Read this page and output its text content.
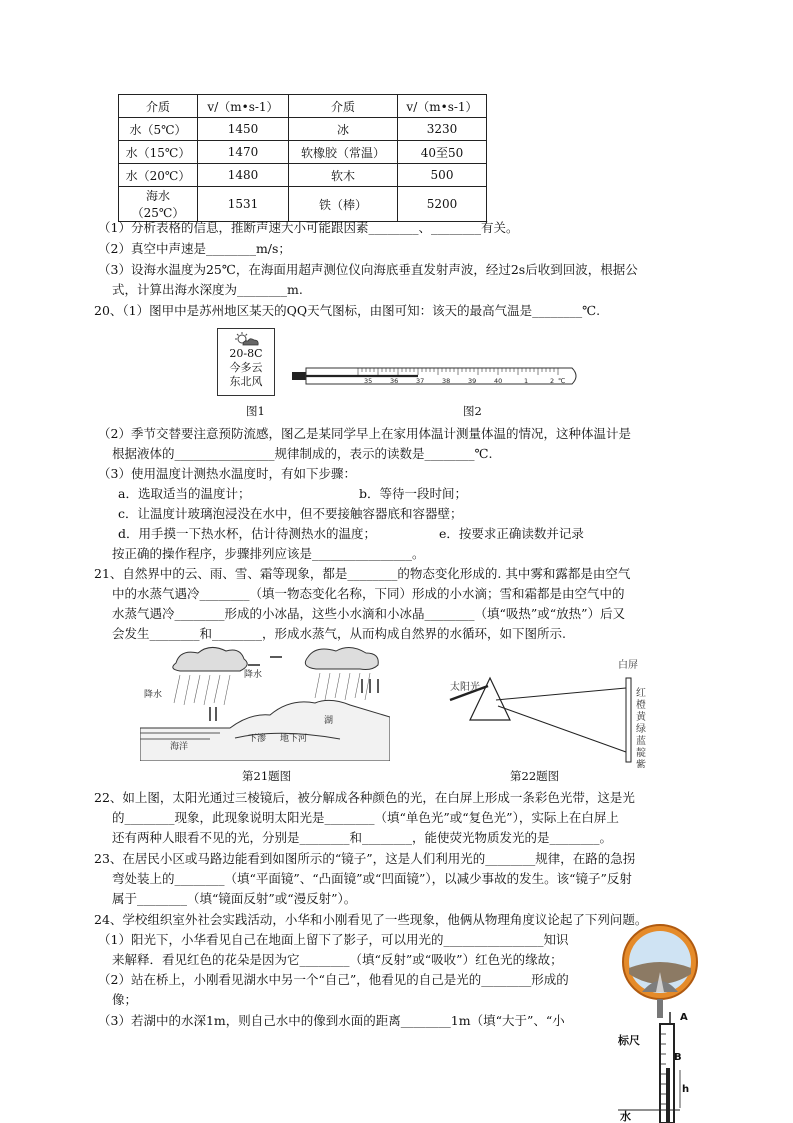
介质	v/（m•s-1）	介质	v/（m•s-1）
水（5℃）	1450	冰	3230
水（15℃）	1470	软橡胶（常温）	40至50
水（20℃）	1480	软木	500
海水（25℃）	1531	铁（棒）	5200
（1）分析表格的信息，推断声速大小可能跟因素________、________有关。
（2）真空中声速是________m/s；
（3）设海水温度为25℃，在海面用超声测位仪向海底垂直发射声波，经过2s后收到回波，根据公
式，计算出海水深度为________m.
20、（1）图甲中是苏州地区某天的QQ天气图标，由图可知：该天的最高气温是________℃.
20-8C
今多云
东北风	35	36	37	38	39	40	1	2 ℃
图1	图2
（2）季节交替要注意预防流感，图乙是某同学早上在家用体温计测量体温的情况，这种体温计是
根据液体的________________规律制成的，表示的读数是________℃.
（3）使用温度计测热水温度时，有如下步骤：
a．选取适当的温度计；	b．等待一段时间；
c．让温度计玻璃泡浸没在水中，但不要接触容器底和容器壁；
d．用手摸一下热水杯，估计待测热水的温度；	e．按要求正确读数并记录
按正确的操作程序，步骤排列应该是________________。
21、自然界中的云、雨、雪、霜等现象，都是________的物态变化形成的. 其中雾和露都是由空气
中的水蒸气遇冷________（填一物态变化名称，下同）形成的小水滴；雪和霜都是由空气中的
水蒸气遇冷________形成的小冰晶，这些小水滴和小冰晶________（填“吸热”或“放热”）后又
会发生________和________，形成水蒸气，从而构成自然界的水循环，如下图所示.
降水
降水
湖
海洋
下渗 地下河
第21题图
白屏
太阳光
红
橙
黄
绿
蓝
靛
紫
第22题图
22、如上图，太阳光通过三棱镜后，被分解成各种颜色的光，在白屏上形成一条彩色光带，这是光
的________现象，此现象说明太阳光是________（填“单色光”或“复色光”），实际上在白屏上
还有两种人眼看不见的光，分别是________和________，能使荧光物质发光的是________。
23、在居民小区或马路边能看到如图所示的“镜子”，这是人们利用光的________规律，在路的急拐
弯处装上的________（填“平面镜”、“凸面镜”或“凹面镜”），以减少事故的发生。该“镜子”反射
属于________（填“镜面反射”或“漫反射”）。
24、学校组织室外社会实践活动，小华和小刚看见了一些现象，他俩从物理角度议论起了下列问题。
（1）阳光下，小华看见自己在地面上留下了影子，可以用光的________________知识
来解释．看见红色的花朵是因为它________（填“反射”或“吸收”）红色光的缘故；
（2）站在桥上，小刚看见湖水中另一个“自己”，他看见的自己是光的________形成的
像；
（3）若湖中的水深1m，则自己水中的像到水面的距离________1m（填“大于”、“小
标尺
水
A
B
h
